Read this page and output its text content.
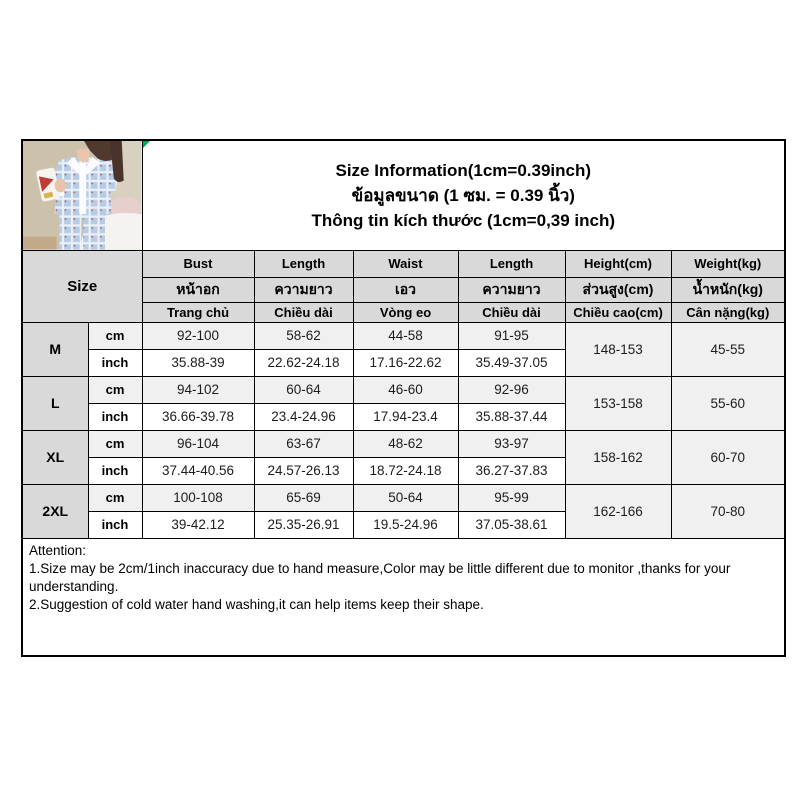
Size Information(1cm=0.39inch)
ข้อมูลขนาด (1 ซม. = 0.39 นิ้ว)
Thông tin kích thước (1cm=0,39 inch)					

Size		Bust	Length	Waist	Length	Height(cm)	Weight(kg)
		หน้าอก	ความยาว	เอว	ความยาว	ส่วนสูง(cm)	น้ำหนัก(kg)
		Trang chủ	Chiều dài	Vòng eo	Chiều dài	Chiều cao(cm)	Cân nặng(kg)
M	cm	92-100	58-62	44-58	91-95	148-153	45-55
	inch	35.88-39	22.62-24.18	17.16-22.62	35.49-37.05		
L	cm	94-102	60-64	46-60	92-96	153-158	55-60
	inch	36.66-39.78	23.4-24.96	17.94-23.4	35.88-37.44		
XL	cm	96-104	63-67	48-62	93-97	158-162	60-70
	inch	37.44-40.56	24.57-26.13	18.72-24.18	36.27-37.83		
2XL	cm	100-108	65-69	50-64	95-99	162-166	70-80
	inch	39-42.12	25.35-26.91	19.5-24.96	37.05-38.61		

Attention:
1.Size may be 2cm/1inch inaccuracy due to hand measure,Color may be little different due to monitor ,thanks for your understanding.
2.Suggestion of cold water hand washing,it can help items keep their shape.							
